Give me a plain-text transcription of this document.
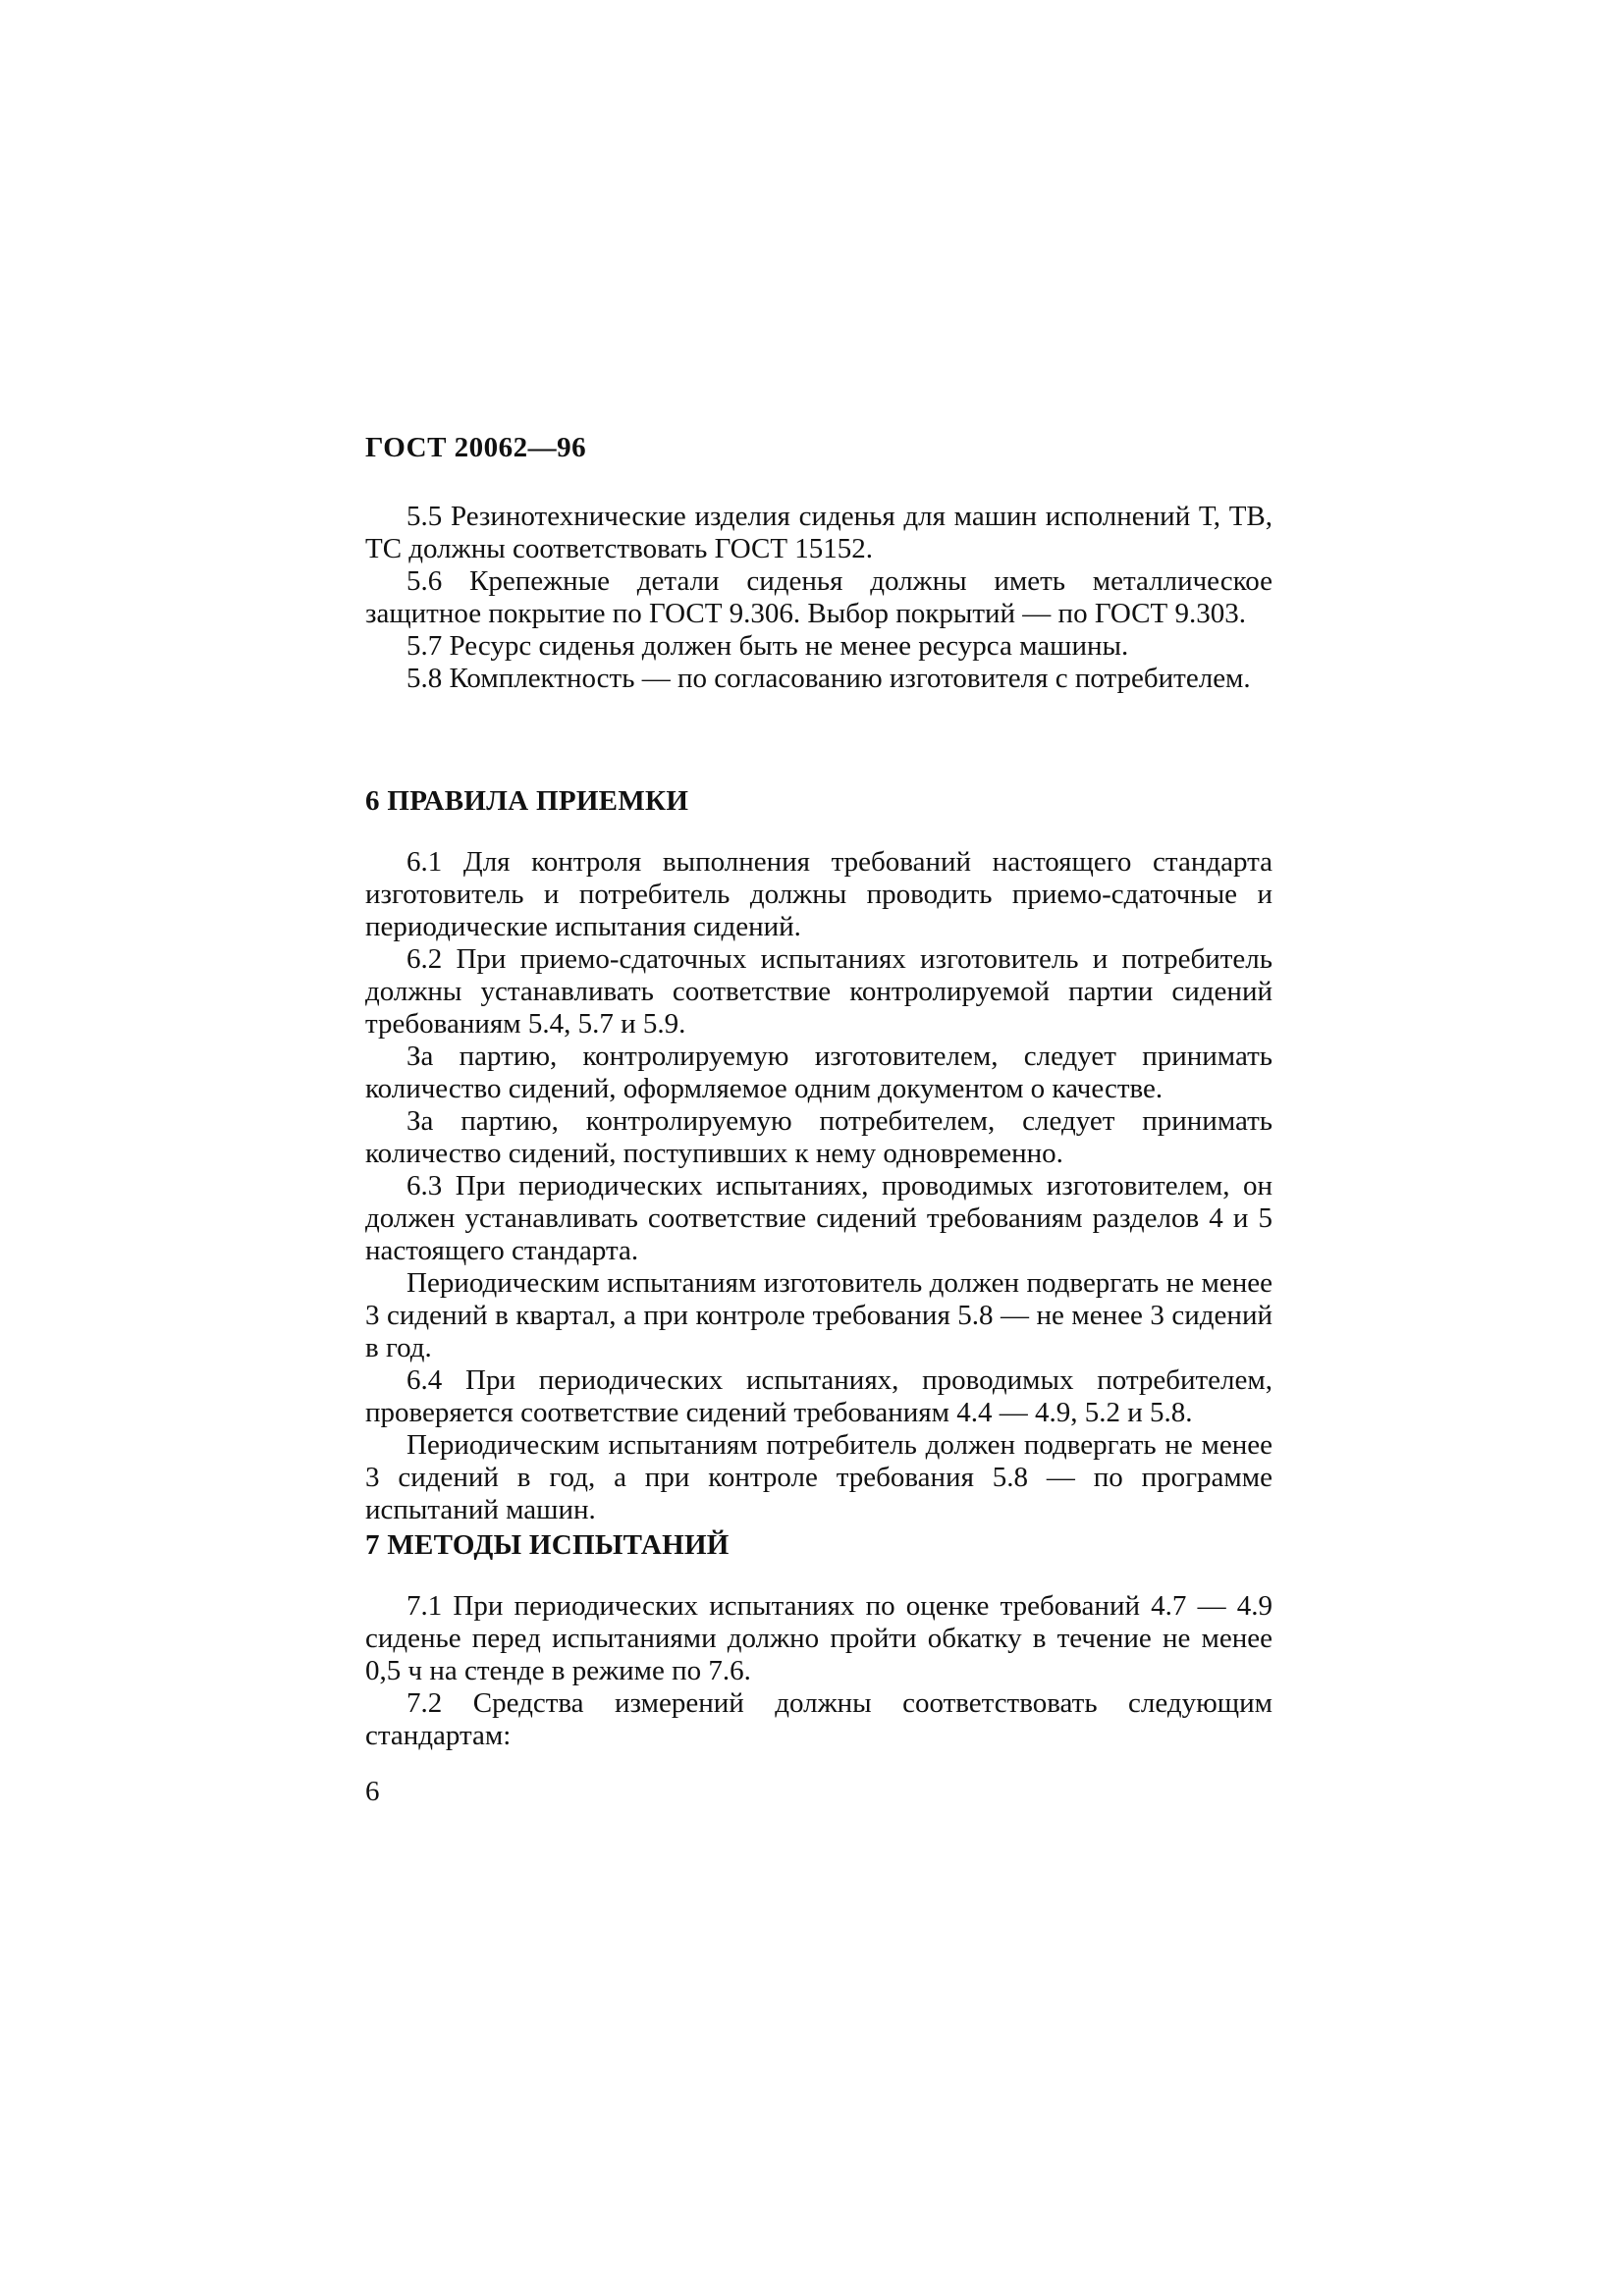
ГОСТ 20062—96

5.5 Резинотехнические изделия сиденья для машин исполнений Т, ТВ, ТС должны соответствовать ГОСТ 15152.

5.6 Крепежные детали сиденья должны иметь металлическое защитное покрытие по ГОСТ 9.306. Выбор покрытий — по ГОСТ 9.303.

5.7 Ресурс сиденья должен быть не менее ресурса машины.

5.8 Комплектность — по согласованию изготовителя с потребителем.

6 ПРАВИЛА ПРИЕМКИ

6.1 Для контроля выполнения требований настоящего стандарта изготовитель и потребитель должны проводить приемо-сдаточные и периодические испытания сидений.

6.2 При приемо-сдаточных испытаниях изготовитель и потребитель должны устанавливать соответствие контролируемой партии сидений требованиям 5.4, 5.7 и 5.9.

За партию, контролируемую изготовителем, следует принимать количество сидений, оформляемое одним документом о качестве.

За партию, контролируемую потребителем, следует принимать количество сидений, поступивших к нему одновременно.

6.3 При периодических испытаниях, проводимых изготовителем, он должен устанавливать соответствие сидений требованиям разделов 4 и 5 настоящего стандарта.

Периодическим испытаниям изготовитель должен подвергать не менее 3 сидений в квартал, а при контроле требования 5.8 — не менее 3 сидений в год.

6.4 При периодических испытаниях, проводимых потребителем, проверяется соответствие сидений требованиям 4.4 — 4.9, 5.2 и 5.8.

Периодическим испытаниям потребитель должен подвергать не менее 3 сидений в год, а при контроле требования 5.8 — по программе испытаний машин.

7 МЕТОДЫ ИСПЫТАНИЙ

7.1 При периодических испытаниях по оценке требований 4.7 — 4.9 сиденье перед испытаниями должно пройти обкатку в течение не менее 0,5 ч на стенде в режиме по 7.6.

7.2 Средства измерений должны соответствовать следующим стандартам:

6
